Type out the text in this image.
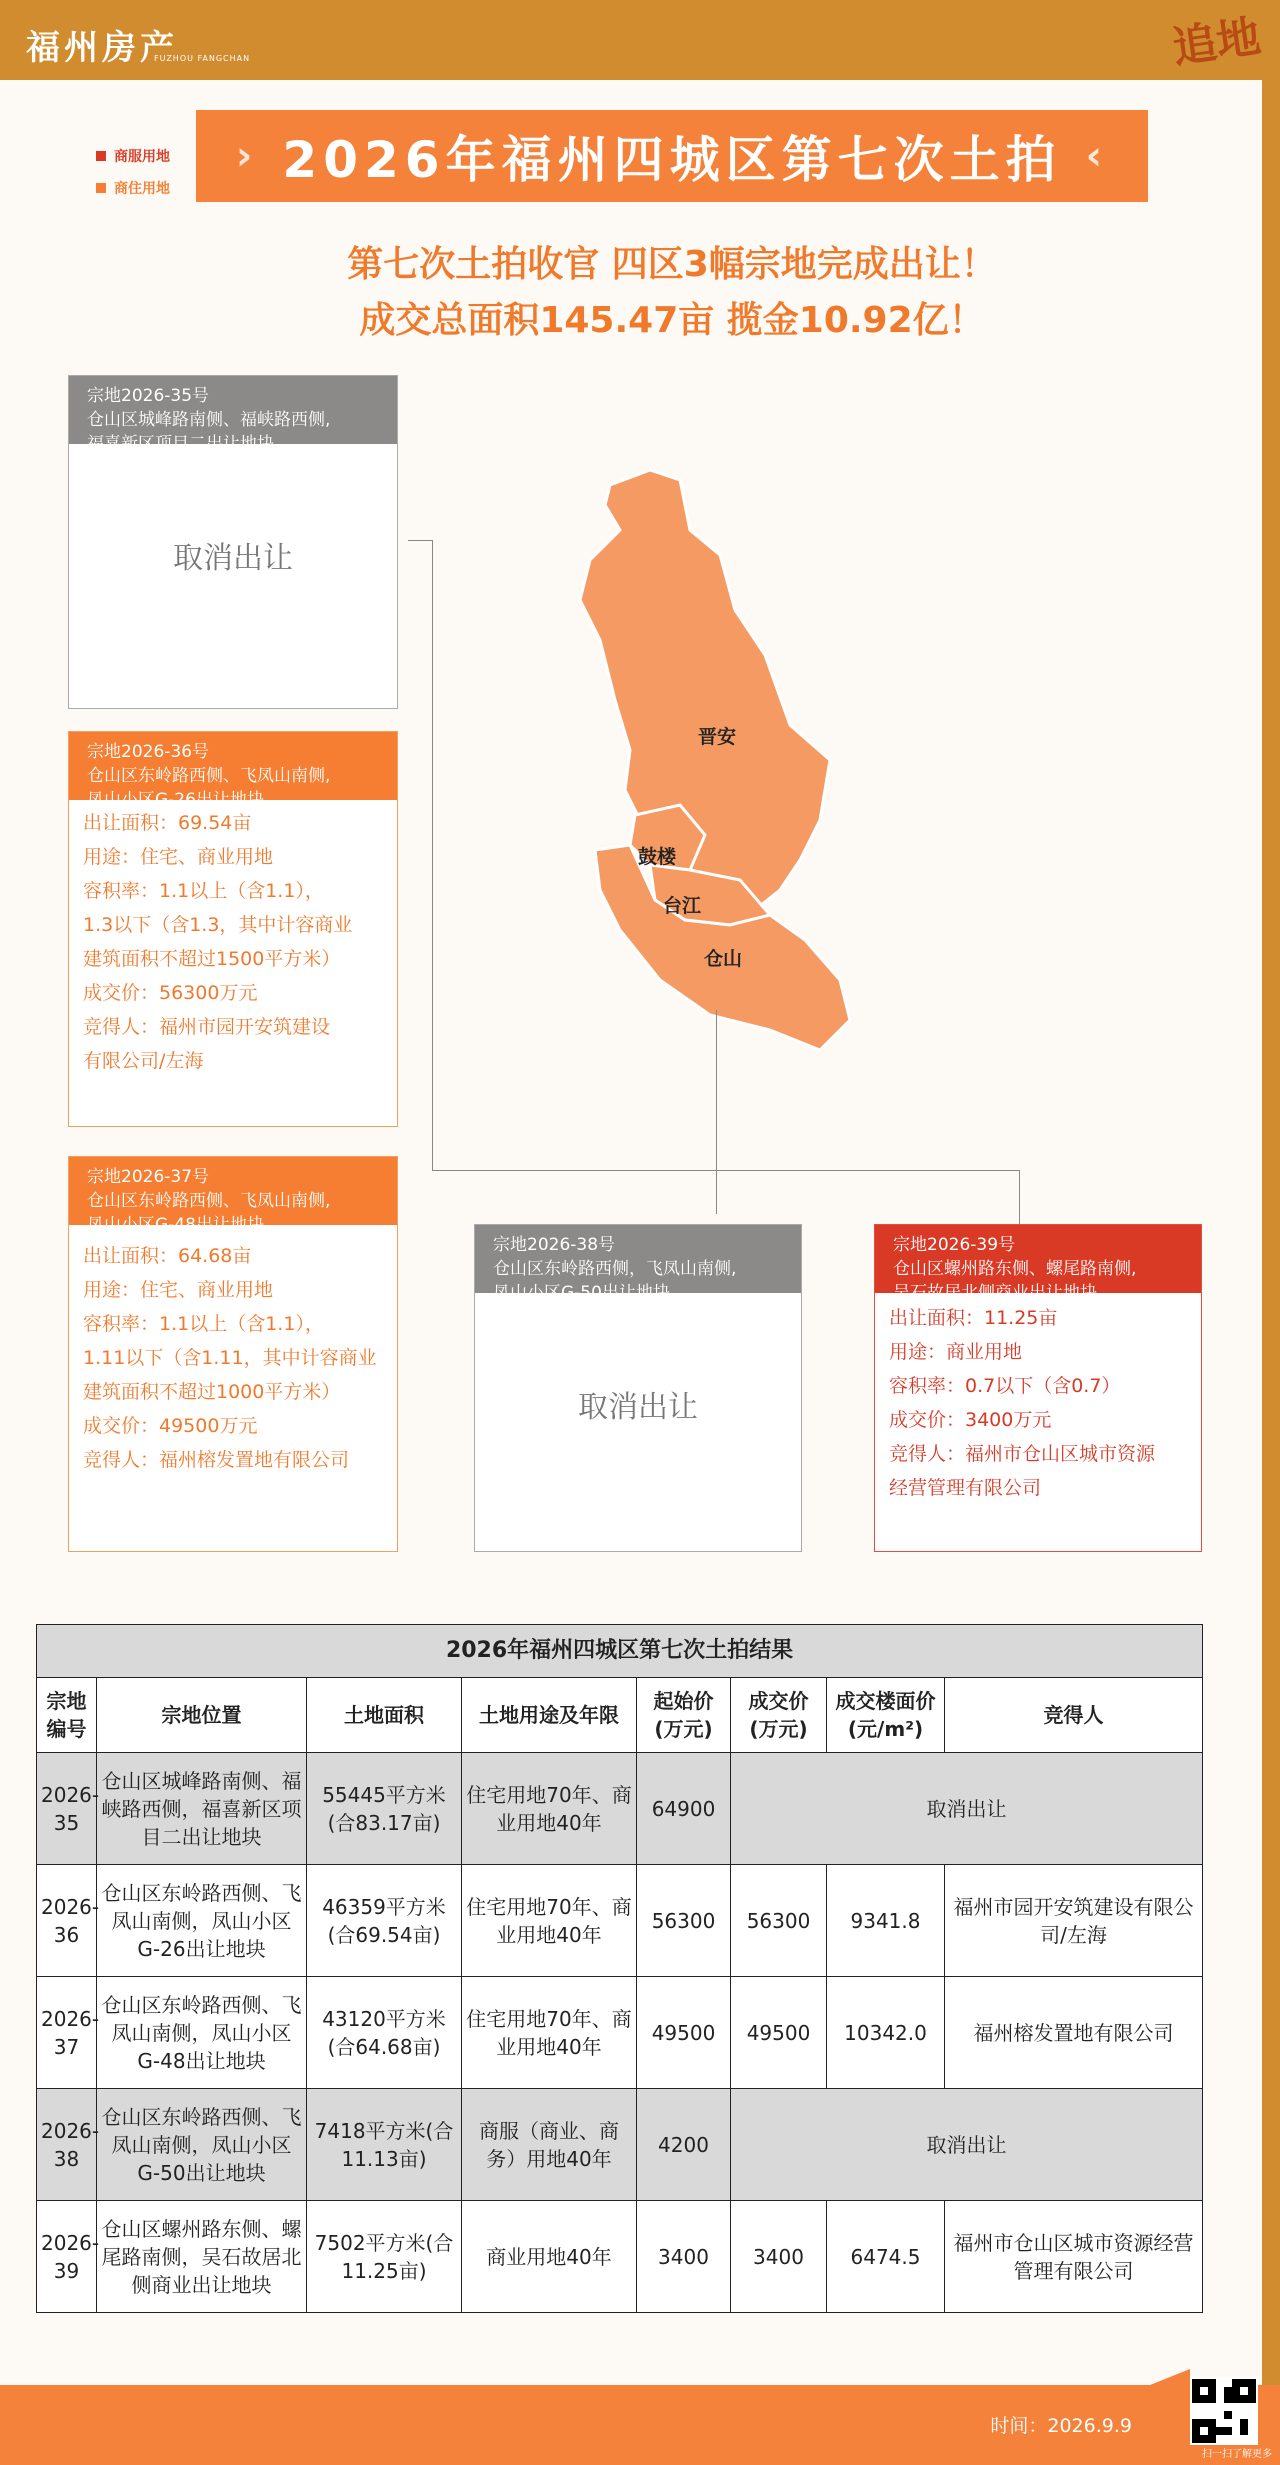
福州房产
FUZHOU FANGCHAN	追地
商服用地
商住用地
› 2026年福州四城区第七次土拍 ‹
第七次土拍收官 四区3幅宗地完成出让！
成交总面积145.47亩 揽金10.92亿！
晋安
鼓楼
台江
仓山
宗地2026-35号
仓山区城峰路南侧、福峡路西侧,
福喜新区项目二出让地块
取消出让
宗地2026-36号
仓山区东岭路西侧、飞凤山南侧,
凤山小区G-26出让地块
出让面积：69.54亩
用途：住宅、商业用地
容积率：1.1以上（含1.1），
1.3以下（含1.3，其中计容商业
建筑面积不超过1500平方米）
成交价：56300万元
竞得人：福州市园开安筑建设
有限公司/左海
宗地2026-37号
仓山区东岭路西侧、飞凤山南侧,
凤山小区G-48出让地块
出让面积：64.68亩
用途：住宅、商业用地
容积率：1.1以上（含1.1），
1.11以下（含1.11，其中计容商业
建筑面积不超过1000平方米）
成交价：49500万元
竞得人：福州榕发置地有限公司
宗地2026-38号
仓山区东岭路西侧，飞凤山南侧,
凤山小区G-50出让地块
取消出让
宗地2026-39号
仓山区螺州路东侧、螺尾路南侧,
吴石故居北侧商业出让地块
出让面积：11.25亩
用途：商业用地
容积率：0.7以下（含0.7）
成交价：3400万元
竞得人：福州市仓山区城市资源
经营管理有限公司
2026年福州四城区第七次土拍结果							
宗地编号	宗地位置	土地面积	土地用途及年限	起始价(万元)	成交价(万元)	成交楼面价(元/m²)	竞得人
2026-35	仓山区城峰路南侧、福峡路西侧，福喜新区项目二出让地块	55445平方米(合83.17亩)	住宅用地70年、商业用地40年	64900	取消出让		
2026-36	仓山区东岭路西侧、飞凤山南侧，凤山小区G-26出让地块	46359平方米(合69.54亩)	住宅用地70年、商业用地40年	56300	56300	9341.8	福州市园开安筑建设有限公司/左海
2026-37	仓山区东岭路西侧、飞凤山南侧，凤山小区G-48出让地块	43120平方米(合64.68亩)	住宅用地70年、商业用地40年	49500	49500	10342.0	福州榕发置地有限公司
2026-38	仓山区东岭路西侧、飞凤山南侧，凤山小区G-50出让地块	7418平方米(合11.13亩)	商服（商业、商务）用地40年	4200	取消出让		
2026-39	仓山区螺州路东侧、螺尾路南侧，吴石故居北侧商业出让地块	7502平方米(合11.25亩)	商业用地40年	3400	3400	6474.5	福州市仓山区城市资源经营管理有限公司
时间：2026.9.9
扫一扫了解更多
